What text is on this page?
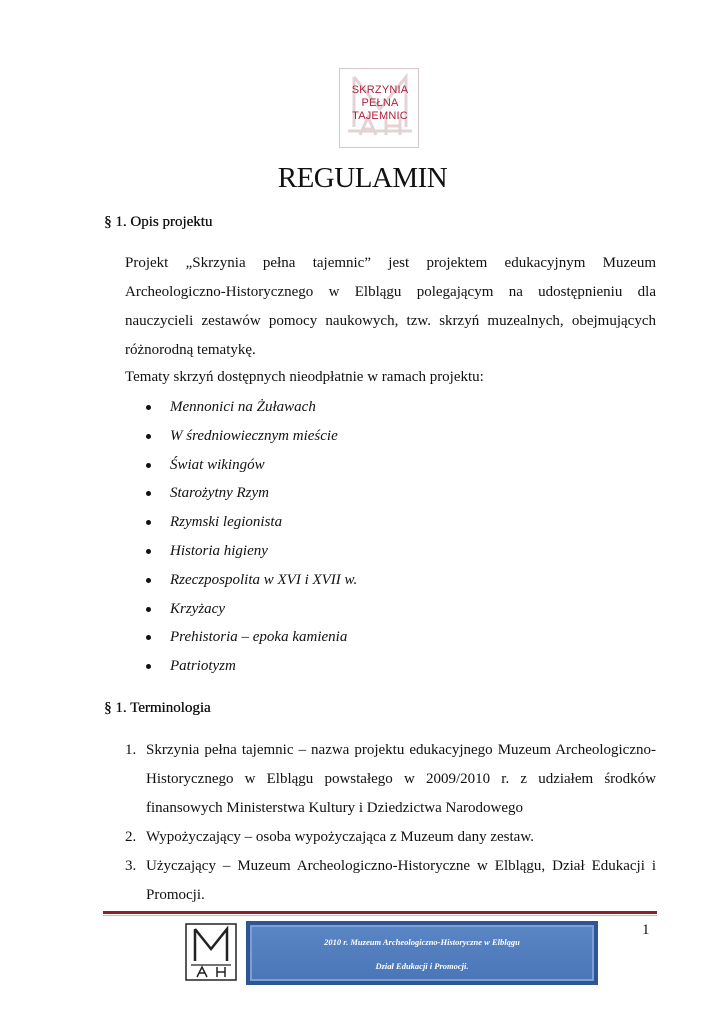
SKRZYNIA
PEŁNA
TAJEMNIC
REGULAMIN
§ 1. Opis projektu
Projekt „Skrzynia pełna tajemnic” jest projektem edukacyjnym Muzeum
Archeologiczno-Historycznego w Elblągu polegającym na udostępnieniu dla
nauczycieli zestawów pomocy naukowych, tzw. skrzyń muzealnych, obejmujących
różnorodną tematykę.
Tematy skrzyń dostępnych nieodpłatnie w ramach projektu:
Mennonici na Żuławach
W średniowiecznym mieście
Świat wikingów
Starożytny Rzym
Rzymski legionista
Historia higieny
Rzeczpospolita w XVI i XVII w.
Krzyżacy
Prehistoria – epoka kamienia
Patriotyzm
§ 1. Terminologia
1. Skrzynia pełna tajemnic – nazwa projektu edukacyjnego Muzeum Archeologiczno-
Historycznego w Elblągu powstałego w 2009/2010 r. z udziałem środków
finansowych Ministerstwa Kultury i Dziedzictwa Narodowego
2. Wypożyczający – osoba wypożyczająca z Muzeum dany zestaw.
3. Użyczający – Muzeum Archeologiczno-Historyczne w Elblągu, Dział Edukacji i
Promocji.
1
2010 r. Muzeum Archeologiczno-Historyczne w Elblągu
Dział Edukacji i Promocji.
